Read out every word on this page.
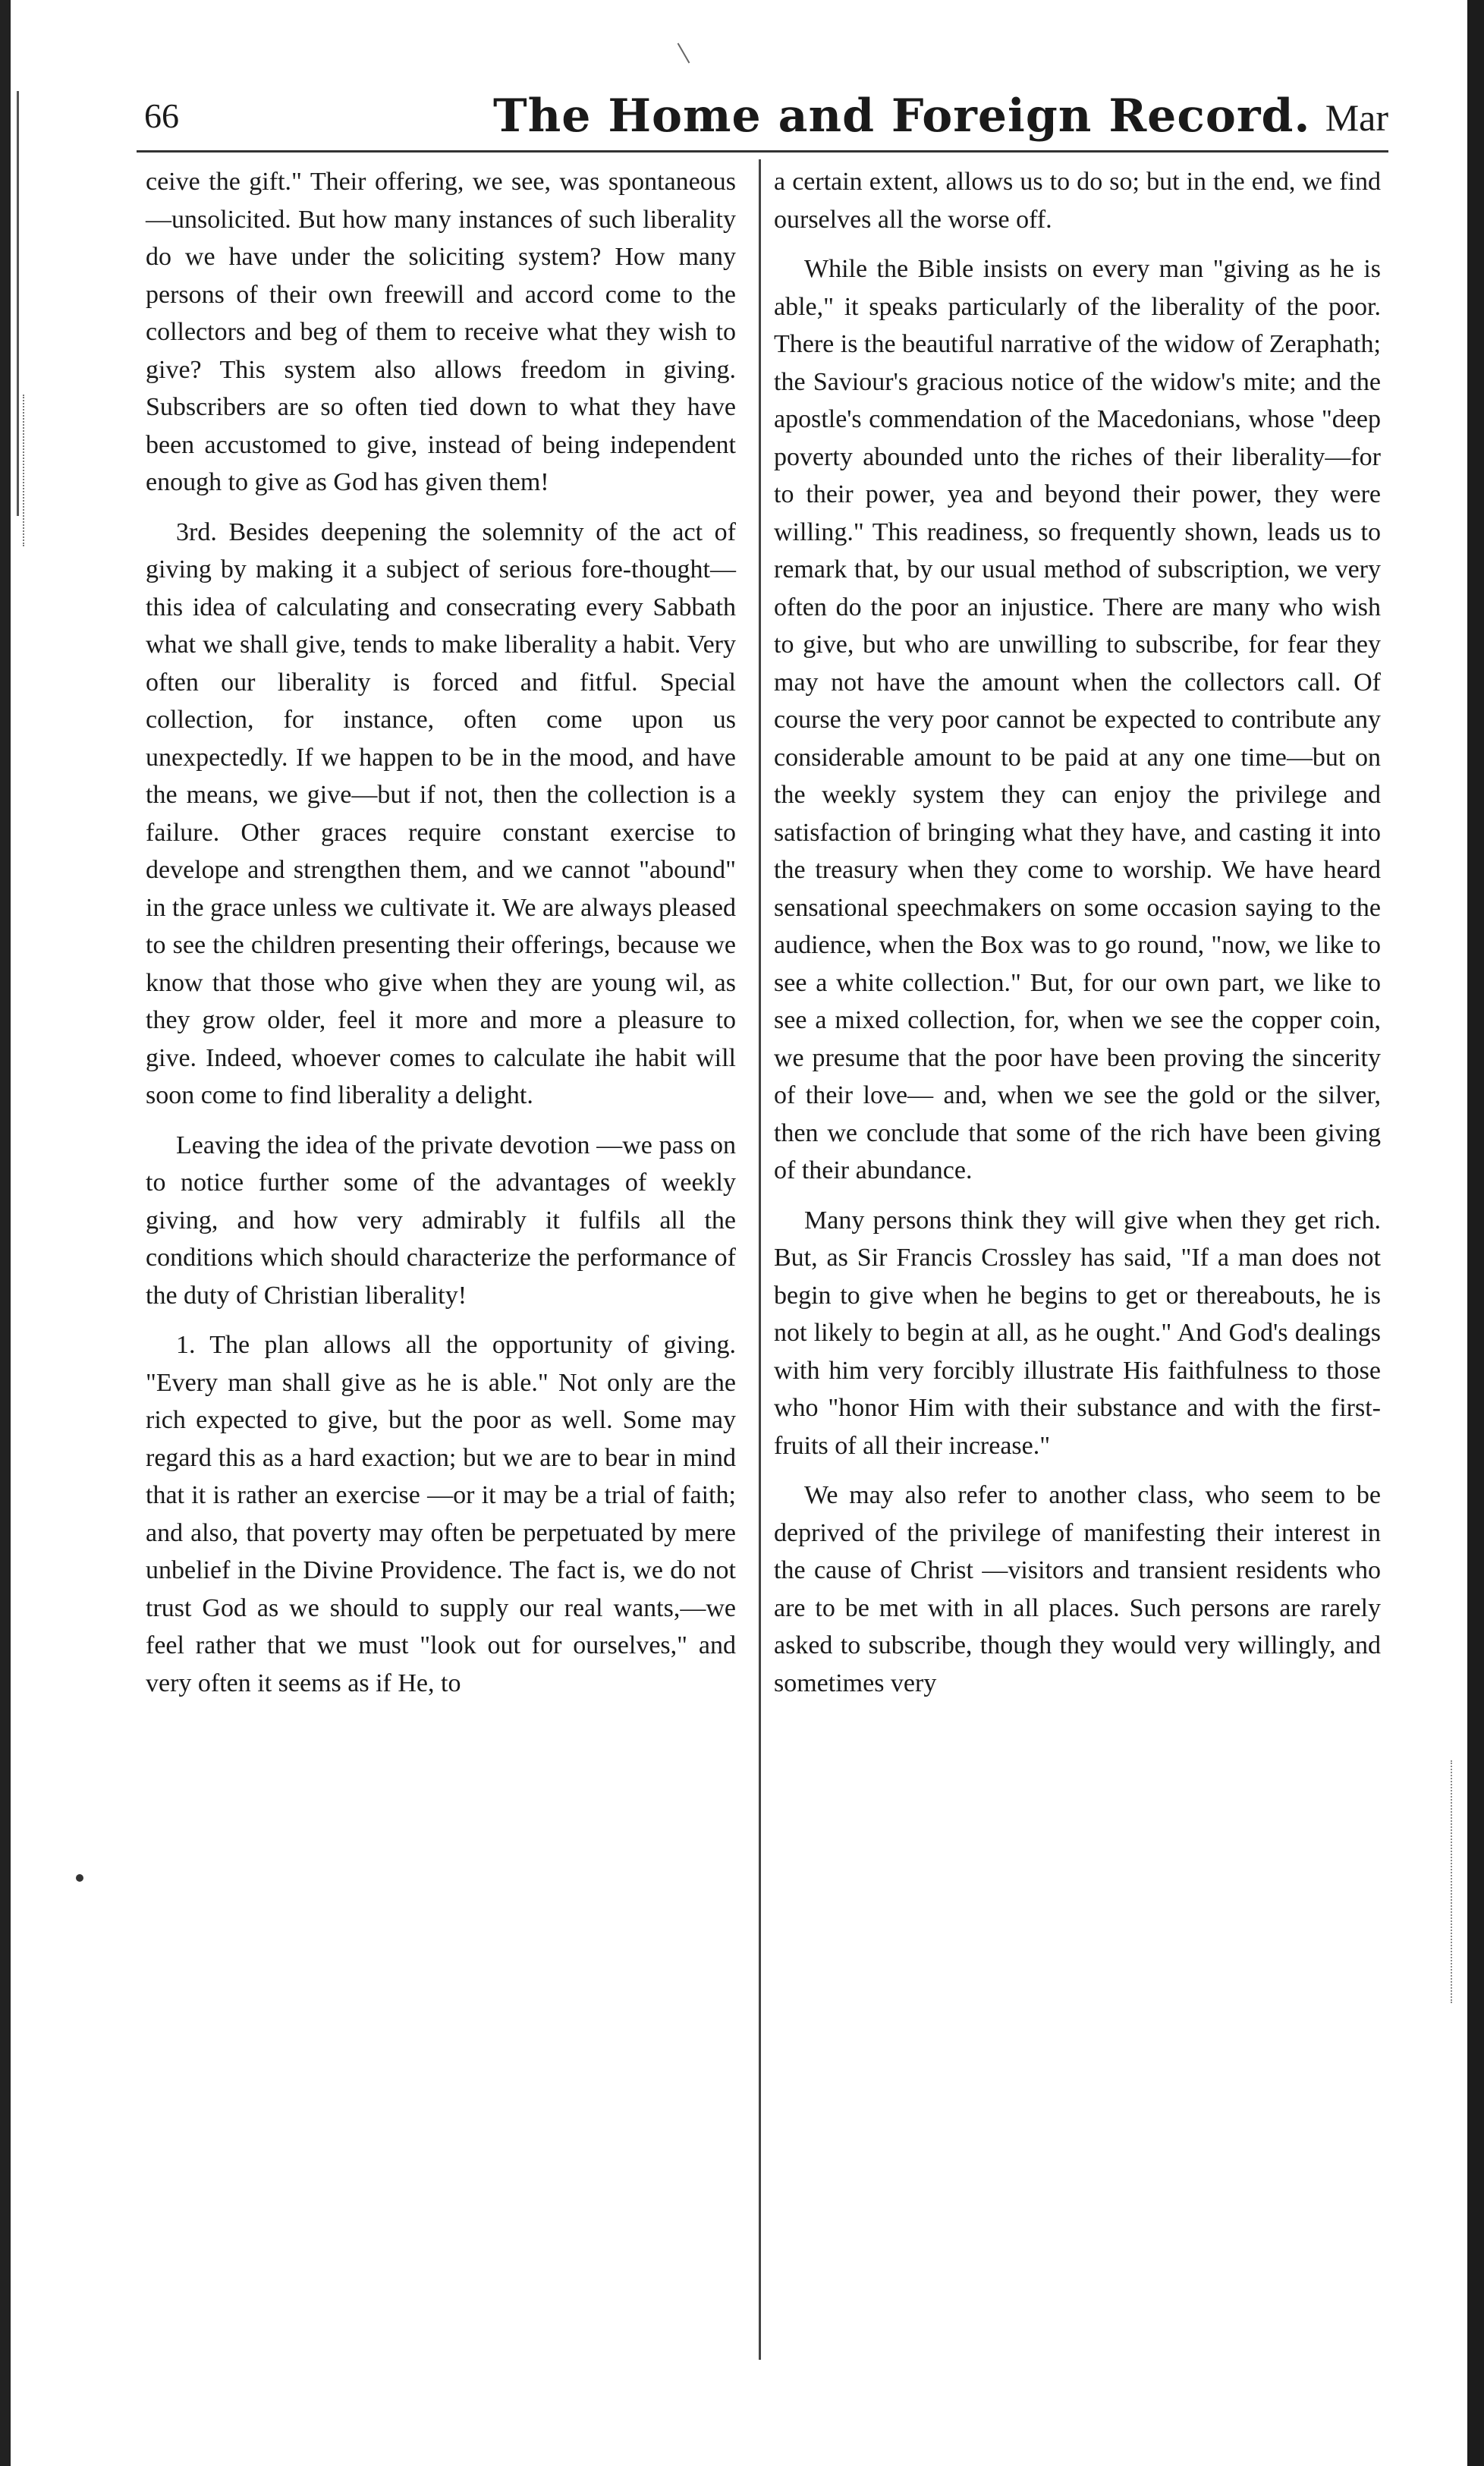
66	The Home and Foreign Record. Mar

ceive the gift." Their offering, we see, was spontaneous—unsolicited. But how many instances of such liberality do we have under the soliciting system? How many persons of their own freewill and accord come to the collectors and beg of them to receive what they wish to give? This system also allows freedom in giving. Subscribers are so often tied down to what they have been accustomed to give, instead of being independent enough to give as God has given them!

3rd. Besides deepening the solemnity of the act of giving by making it a subject of serious fore-thought—this idea of calculating and consecrating every Sabbath what we shall give, tends to make liberality a habit. Very often our liberality is forced and fitful. Special collection, for instance, often come upon us unexpectedly. If we happen to be in the mood, and have the means, we give—but if not, then the collection is a failure. Other graces require constant exercise to develope and strengthen them, and we cannot "abound" in the grace unless we cultivate it. We are always pleased to see the children presenting their offerings, because we know that those who give when they are young wil, as they grow older, feel it more and more a pleasure to give. Indeed, whoever comes to calculate ihe habit will soon come to find liberality a delight.

Leaving the idea of the private devotion —we pass on to notice further some of the advantages of weekly giving, and how very admirably it fulfils all the conditions which should characterize the performance of the duty of Christian liberality!

1. The plan allows all the opportunity of giving. "Every man shall give as he is able." Not only are the rich expected to give, but the poor as well. Some may regard this as a hard exaction; but we are to bear in mind that it is rather an exercise —or it may be a trial of faith; and also, that poverty may often be perpetuated by mere unbelief in the Divine Providence. The fact is, we do not trust God as we should to supply our real wants,—we feel rather that we must "look out for ourselves," and very often it seems as if He, to

a certain extent, allows us to do so; but in the end, we find ourselves all the worse off.

While the Bible insists on every man "giving as he is able," it speaks particularly of the liberality of the poor. There is the beautiful narrative of the widow of Zeraphath; the Saviour's gracious notice of the widow's mite; and the apostle's commendation of the Macedonians, whose "deep poverty abounded unto the riches of their liberality—for to their power, yea and beyond their power, they were willing." This readiness, so frequently shown, leads us to remark that, by our usual method of subscription, we very often do the poor an injustice. There are many who wish to give, but who are unwilling to subscribe, for fear they may not have the amount when the collectors call. Of course the very poor cannot be expected to contribute any considerable amount to be paid at any one time—but on the weekly system they can enjoy the privilege and satisfaction of bringing what they have, and casting it into the treasury when they come to worship. We have heard sensational speechmakers on some occasion saying to the audience, when the Box was to go round, "now, we like to see a white collection." But, for our own part, we like to see a mixed collection, for, when we see the copper coin, we presume that the poor have been proving the sincerity of their love— and, when we see the gold or the silver, then we conclude that some of the rich have been giving of their abundance.

Many persons think they will give when they get rich. But, as Sir Francis Crossley has said, "If a man does not begin to give when he begins to get or thereabouts, he is not likely to begin at all, as he ought." And God's dealings with him very forcibly illustrate His faithfulness to those who "honor Him with their substance and with the first-fruits of all their increase."

We may also refer to another class, who seem to be deprived of the privilege of manifesting their interest in the cause of Christ —visitors and transient residents who are to be met with in all places. Such persons are rarely asked to subscribe, though they would very willingly, and sometimes very
